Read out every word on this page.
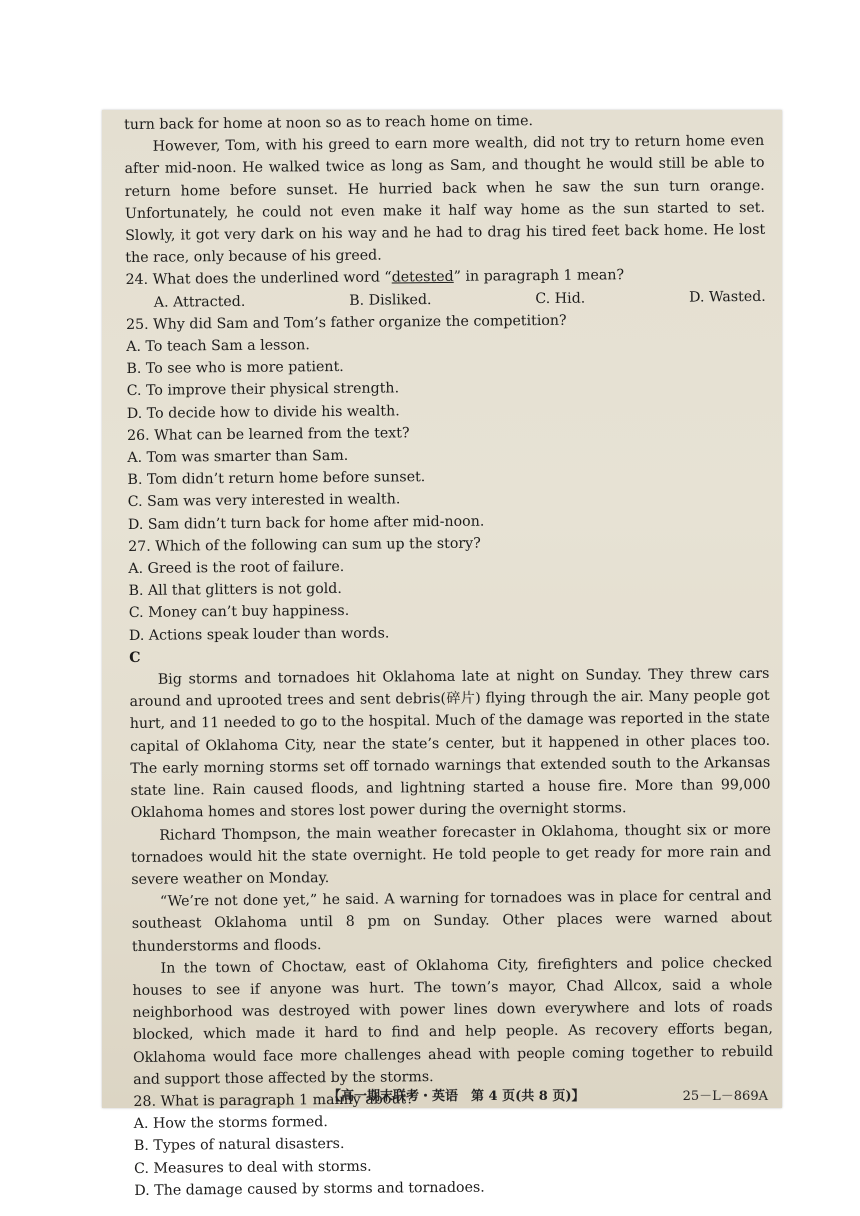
turn back for home at noon so as to reach home on time.

However, Tom, with his greed to earn more wealth, did not try to return home even after mid-noon. He walked twice as long as Sam, and thought he would still be able to return home before sunset. He hurried back when he saw the sun turn orange. Unfortunately, he could not even make it half way home as the sun started to set. Slowly, it got very dark on his way and he had to drag his tired feet back home. He lost the race, only because of his greed.

24. What does the underlined word “detested” in paragraph 1 mean?

A. Attracted.	B. Disliked.	C. Hid.	D. Wasted.

25. Why did Sam and Tom’s father organize the competition?

A. To teach Sam a lesson.

B. To see who is more patient.

C. To improve their physical strength.

D. To decide how to divide his wealth.

26. What can be learned from the text?

A. Tom was smarter than Sam.

B. Tom didn’t return home before sunset.

C. Sam was very interested in wealth.

D. Sam didn’t turn back for home after mid-noon.

27. Which of the following can sum up the story?

A. Greed is the root of failure.

B. All that glitters is not gold.

C. Money can’t buy happiness.

D. Actions speak louder than words.

C

Big storms and tornadoes hit Oklahoma late at night on Sunday. They threw cars around and uprooted trees and sent debris(碎片) flying through the air. Many people got hurt, and 11 needed to go to the hospital. Much of the damage was reported in the state capital of Oklahoma City, near the state’s center, but it happened in other places too. The early morning storms set off tornado warnings that extended south to the Arkansas state line. Rain caused floods, and lightning started a house fire. More than 99,000 Oklahoma homes and stores lost power during the overnight storms.

Richard Thompson, the main weather forecaster in Oklahoma, thought six or more tornadoes would hit the state overnight. He told people to get ready for more rain and severe weather on Monday.

“We’re not done yet,” he said. A warning for tornadoes was in place for central and southeast Oklahoma until 8 pm on Sunday. Other places were warned about thunderstorms and floods.

In the town of Choctaw, east of Oklahoma City, firefighters and police checked houses to see if anyone was hurt. The town’s mayor, Chad Allcox, said a whole neighborhood was destroyed with power lines down everywhere and lots of roads blocked, which made it hard to find and help people. As recovery efforts began, Oklahoma would face more challenges ahead with people coming together to rebuild and support those affected by the storms.

28. What is paragraph 1 mainly about?

A. How the storms formed.

B. Types of natural disasters.

C. Measures to deal with storms.

D. The damage caused by storms and tornadoes.

【高一期末联考・英语　第 4 页(共 8 页)】	25－L－869A
